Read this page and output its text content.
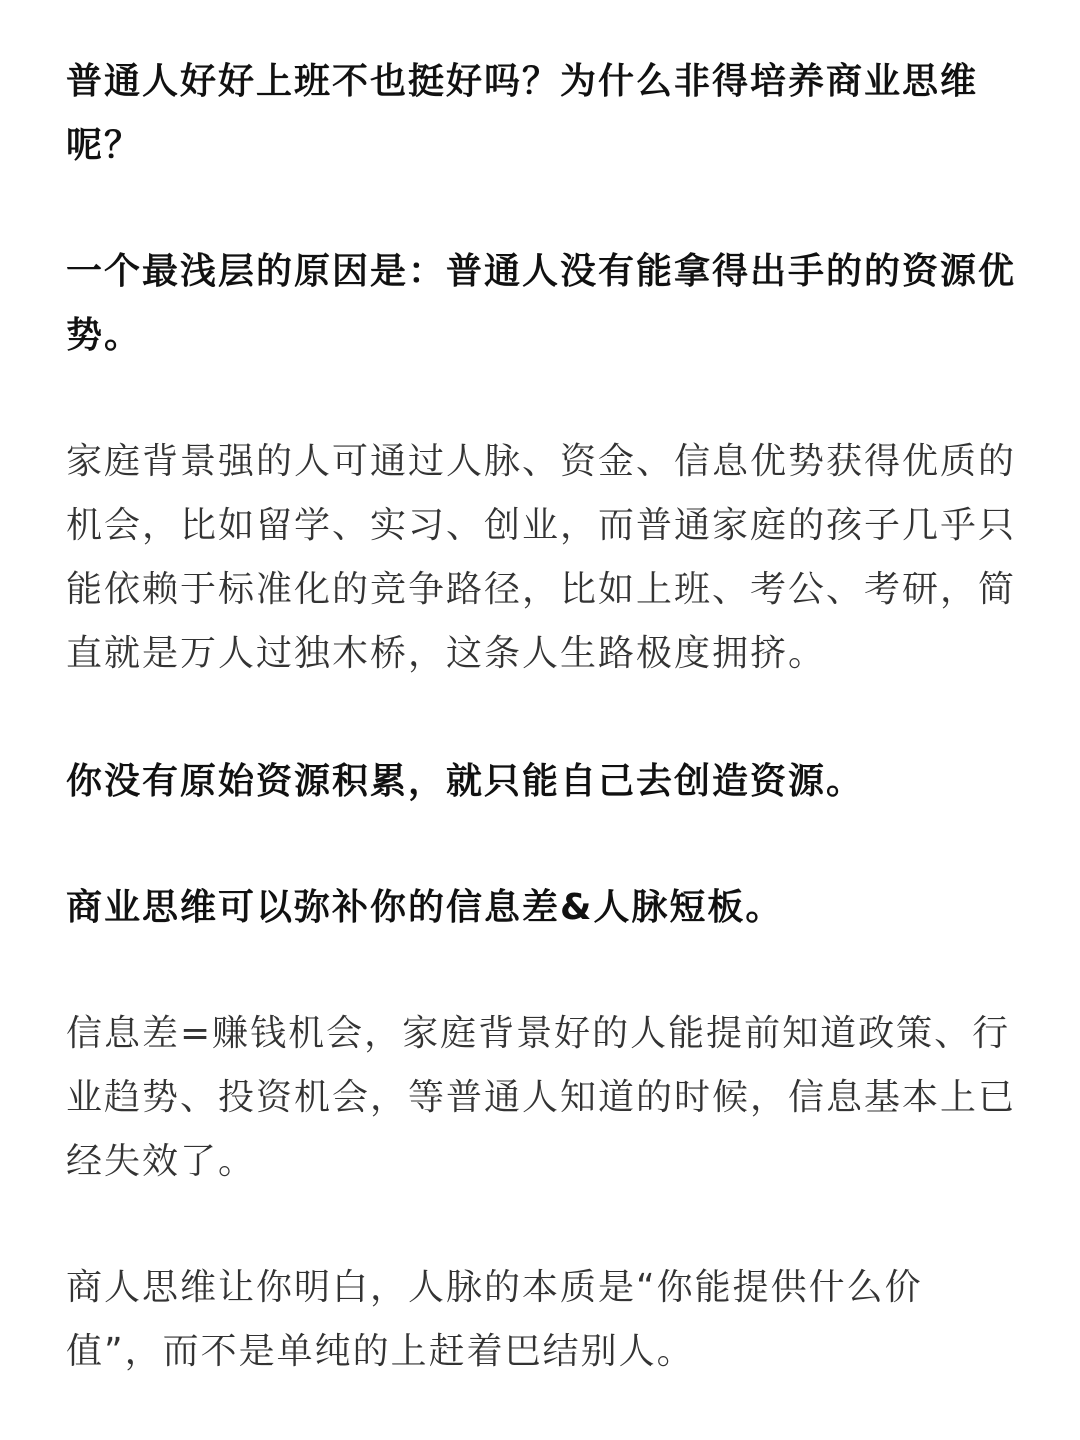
普通人好好上班不也挺好吗？为什么非得培养商业思维
呢？

一个最浅层的原因是：普通人没有能拿得出手的的资源优
势。

家庭背景强的人可通过人脉、资金、信息优势获得优质的
机会，比如留学、实习、创业，而普通家庭的孩子几乎只
能依赖于标准化的竞争路径，比如上班、考公、考研，简
直就是万人过独木桥，这条人生路极度拥挤。

你没有原始资源积累，就只能自己去创造资源。

商业思维可以弥补你的信息差&人脉短板。

信息差=赚钱机会，家庭背景好的人能提前知道政策、行
业趋势、投资机会，等普通人知道的时候，信息基本上已
经失效了。

商人思维让你明白，人脉的本质是“你能提供什么价
值”，而不是单纯的上赶着巴结别人。
